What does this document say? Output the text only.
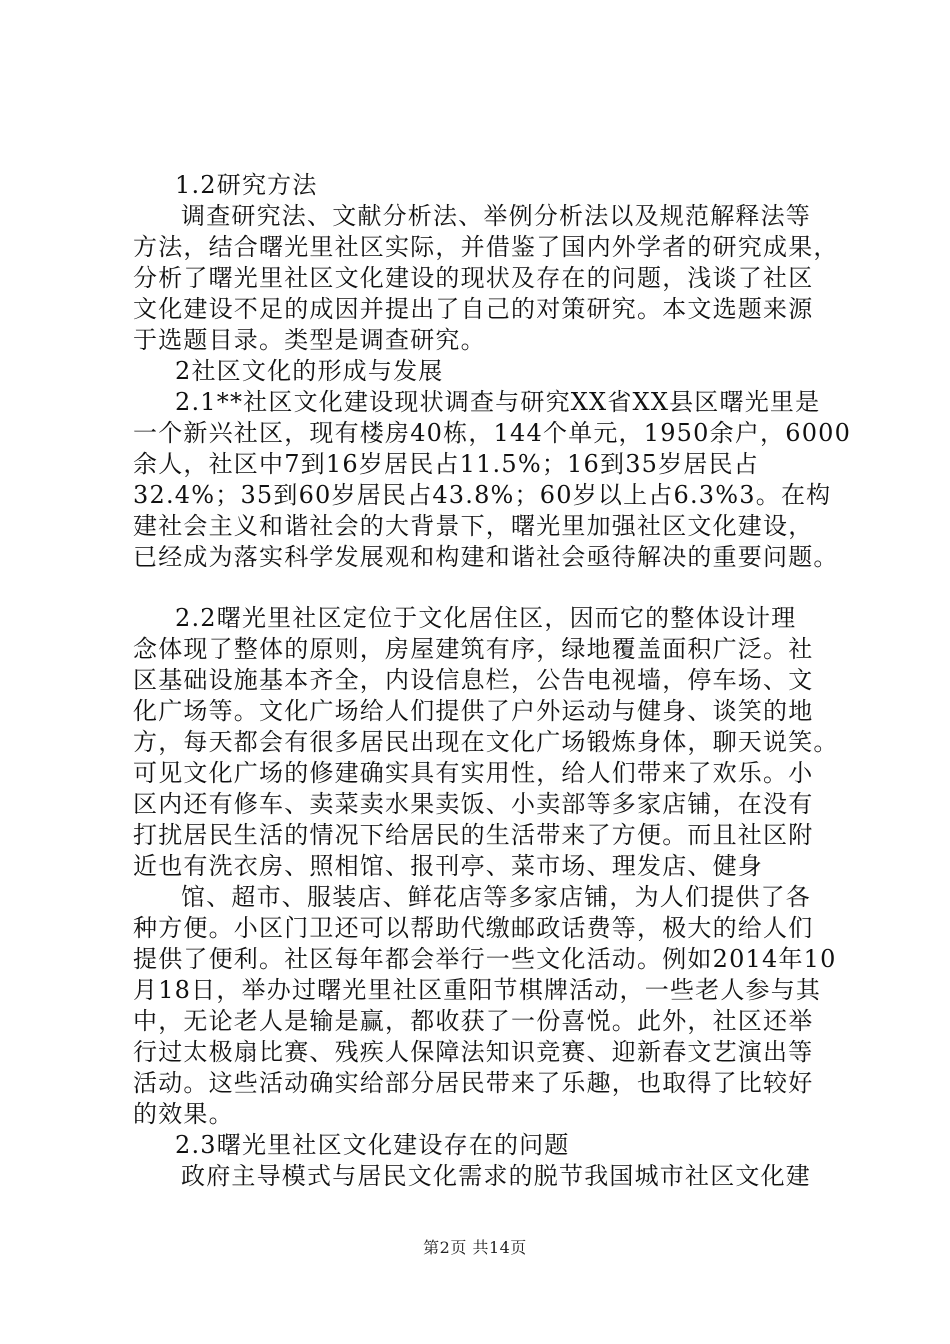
1.2研究方法
调查研究法、文献分析法、举例分析法以及规范解释法等
方法，结合曙光里社区实际，并借鉴了国内外学者的研究成果，
分析了曙光里社区文化建设的现状及存在的问题，浅谈了社区
文化建设不足的成因并提出了自己的对策研究。本文选题来源
于选题目录。类型是调查研究。
2社区文化的形成与发展
2.1**社区文化建设现状调查与研究XX省XX县区曙光里是
一个新兴社区，现有楼房40栋，144个单元，1950余户，6000
余人，社区中7到16岁居民占11.5%；16到35岁居民占
32.4%；35到60岁居民占43.8%；60岁以上占6.3%3。在构
建社会主义和谐社会的大背景下，曙光里加强社区文化建设，
已经成为落实科学发展观和构建和谐社会亟待解决的重要问题。
2.2曙光里社区定位于文化居住区，因而它的整体设计理
念体现了整体的原则，房屋建筑有序，绿地覆盖面积广泛。社
区基础设施基本齐全，内设信息栏，公告电视墙，停车场、文
化广场等。文化广场给人们提供了户外运动与健身、谈笑的地
方，每天都会有很多居民出现在文化广场锻炼身体，聊天说笑。
可见文化广场的修建确实具有实用性，给人们带来了欢乐。小
区内还有修车、卖菜卖水果卖饭、小卖部等多家店铺，在没有
打扰居民生活的情况下给居民的生活带来了方便。而且社区附
近也有洗衣房、照相馆、报刊亭、菜市场、理发店、健身
馆、超市、服装店、鲜花店等多家店铺，为人们提供了各
种方便。小区门卫还可以帮助代缴邮政话费等，极大的给人们
提供了便利。社区每年都会举行一些文化活动。例如2014年10
月18日，举办过曙光里社区重阳节棋牌活动，一些老人参与其
中，无论老人是输是赢，都收获了一份喜悦。此外，社区还举
行过太极扇比赛、残疾人保障法知识竞赛、迎新春文艺演出等
活动。这些活动确实给部分居民带来了乐趣，也取得了比较好
的效果。
2.3曙光里社区文化建设存在的问题
政府主导模式与居民文化需求的脱节我国城市社区文化建
第2页 共14页
